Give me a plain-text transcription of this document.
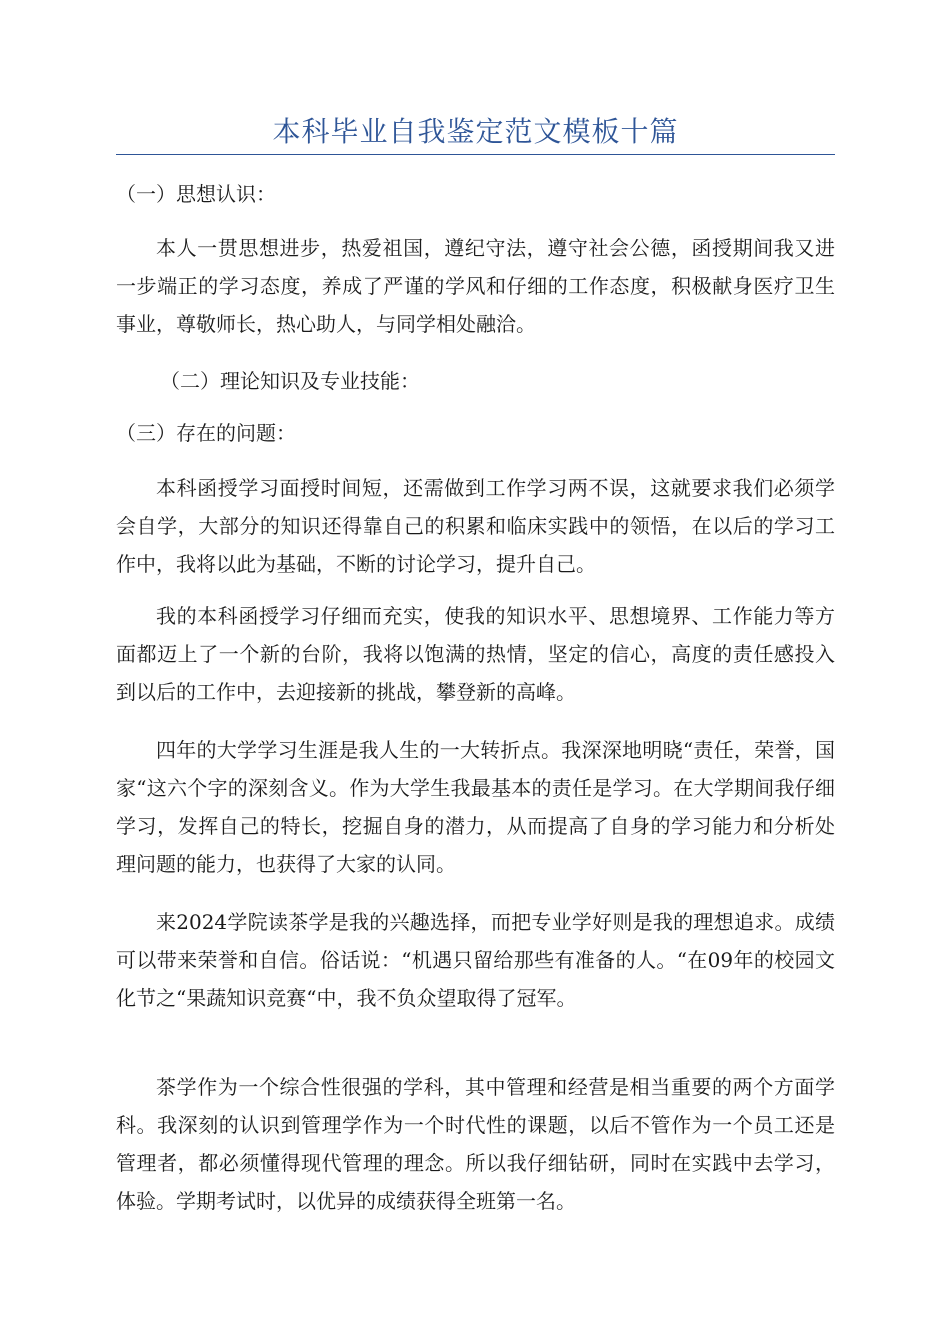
本科毕业自我鉴定范文模板十篇
（一）思想认识：

本人一贯思想进步，热爱祖国，遵纪守法，遵守社会公德，函授期间我又进一步端正的学习态度，养成了严谨的学风和仔细的工作态度，积极献身医疗卫生事业，尊敬师长，热心助人，与同学相处融洽。

（二）理论知识及专业技能：
（三）存在的问题：

本科函授学习面授时间短，还需做到工作学习两不误，这就要求我们必须学会自学，大部分的知识还得靠自己的积累和临床实践中的领悟，在以后的学习工作中，我将以此为基础，不断的讨论学习，提升自己。

我的本科函授学习仔细而充实，使我的知识水平、思想境界、工作能力等方面都迈上了一个新的台阶，我将以饱满的热情，坚定的信心，高度的责任感投入到以后的工作中，去迎接新的挑战，攀登新的高峰。

四年的大学学习生涯是我人生的一大转折点。我深深地明晓“责任，荣誉，国家“这六个字的深刻含义。作为大学生我最基本的责任是学习。在大学期间我仔细学习，发挥自己的特长，挖掘自身的潜力，从而提高了自身的学习能力和分析处理问题的能力，也获得了大家的认同。

来2024学院读茶学是我的兴趣选择，而把专业学好则是我的理想追求。成绩可以带来荣誉和自信。俗话说：“机遇只留给那些有准备的人。“在09年的校园文化节之“果蔬知识竞赛“中，我不负众望取得了冠军。

茶学作为一个综合性很强的学科，其中管理和经营是相当重要的两个方面学科。我深刻的认识到管理学作为一个时代性的课题，以后不管作为一个员工还是管理者，都必须懂得现代管理的理念。所以我仔细钻研，同时在实践中去学习，体验。学期考试时，以优异的成绩获得全班第一名。
